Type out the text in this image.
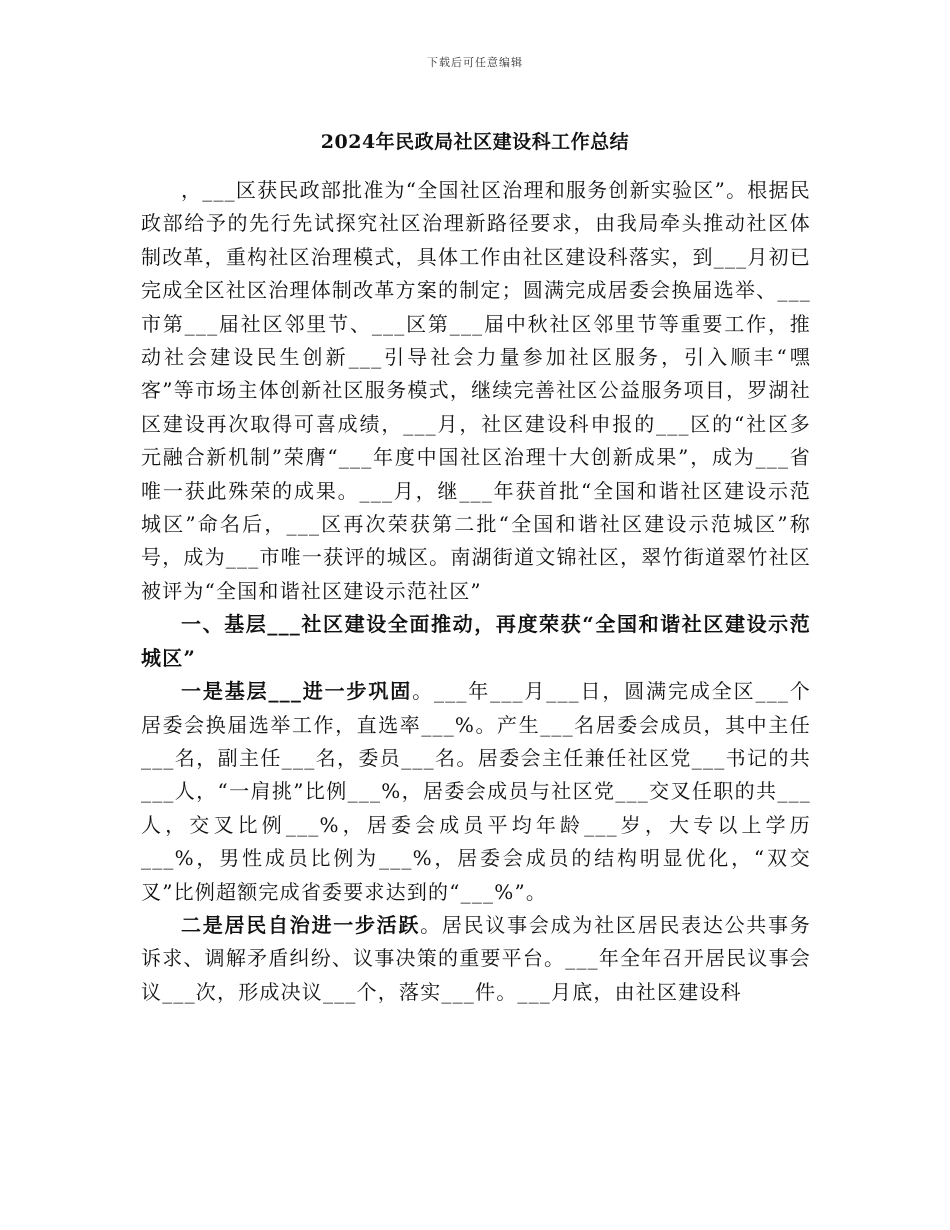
下载后可任意编辑
2024年民政局社区建设科工作总结

，___区获民政部批准为“全国社区治理和服务创新实验区”。根据民政部给予的先行先试探究社区治理新路径要求，由我局牵头推动社区体制改革，重构社区治理模式，具体工作由社区建设科落实，到___月初已完成全区社区治理体制改革方案的制定；圆满完成居委会换届选举、___市第___届社区邻里节、___区第___届中秋社区邻里节等重要工作，推动社会建设民生创新___引导社会力量参加社区服务，引入顺丰“嘿客”等市场主体创新社区服务模式，继续完善社区公益服务项目，罗湖社区建设再次取得可喜成绩，___月，社区建设科申报的___区的“社区多元融合新机制”荣膺“___年度中国社区治理十大创新成果”，成为___省唯一获此殊荣的成果。___月，继___年获首批“全国和谐社区建设示范城区”命名后，___区再次荣获第二批“全国和谐社区建设示范城区”称号，成为___市唯一获评的城区。南湖街道文锦社区，翠竹街道翠竹社区被评为“全国和谐社区建设示范社区”

一、基层___社区建设全面推动，再度荣获“全国和谐社区建设示范城区”

一是基层___进一步巩固。___年___月___日，圆满完成全区___个居委会换届选举工作，直选率___%。产生___名居委会成员，其中主任___名，副主任___名，委员___名。居委会主任兼任社区党___书记的共___人，“一肩挑”比例___%，居委会成员与社区党___交叉任职的共___人，交叉比例___%，居委会成员平均年龄___岁，大专以上学历___%，男性成员比例为___%，居委会成员的结构明显优化，“双交叉”比例超额完成省委要求达到的“___%”。

二是居民自治进一步活跃。居民议事会成为社区居民表达公共事务诉求、调解矛盾纠纷、议事决策的重要平台。___年全年召开居民议事会议___次，形成决议___个，落实___件。___月底，由社区建设科
